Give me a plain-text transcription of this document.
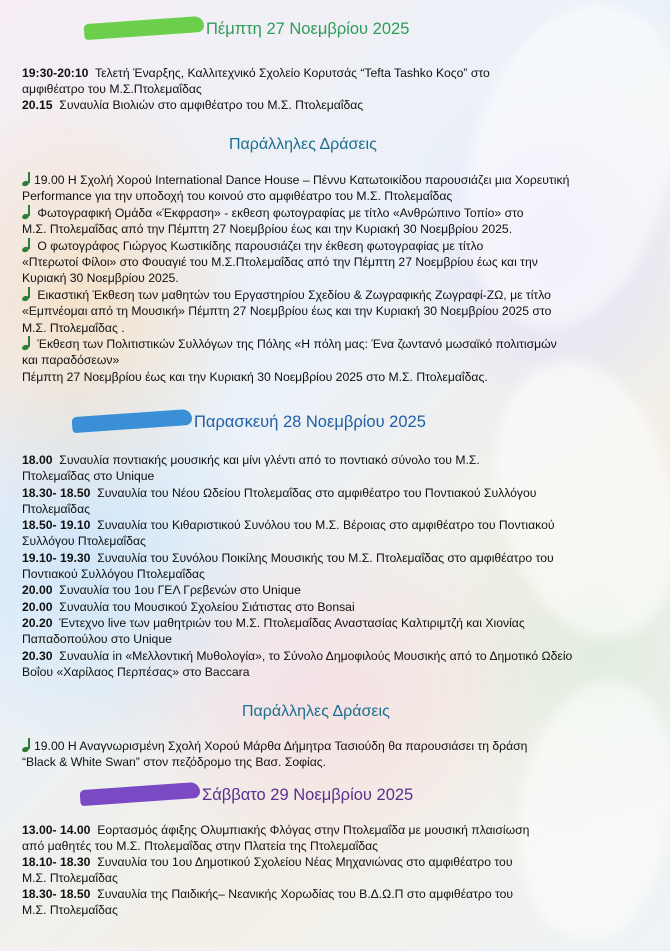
Πέμπτη 27 Νοεμβρίου 2025
19:30-20:10 Τελετή Έναρξης, Καλλιτεχνικό Σχολείο Κορυτσάς “Tefta Tashko Κοςο” στο
αμφιθέατρο του Μ.Σ.Πτολεμαΐδας
20.15 Συναυλία Βιολιών στο αμφιθέατρο του Μ.Σ. Πτολεμαΐδας
Παράλληλες Δράσεις
19.00 Η Σχολή Χορού International Dance House – Πέννυ Κατωτοικίδου παρουσιάζει μια Χορευτική
Performance για την υποδοχή του κοινού στο αμφιθέατρο του Μ.Σ. Πτολεμαΐδας
Φωτογραφική Ομάδα «Έκφραση» - εκθεση φωτογραφίας με τίτλο «Ανθρώπινο Τοπίο» στο
Μ.Σ. Πτολεμαΐδας από την Πέμπτη 27 Νοεμβρίου έως και την Κυριακή 30 Νοεμβρίου 2025.
Ο φωτογράφος Γιώργος Κωστικίδης παρουσιάζει την έκθεση φωτογραφίας με τίτλο
«Πτερωτοί Φίλοι» στο Φουαγιέ του Μ.Σ.Πτολεμαΐδας από την Πέμπτη 27 Νοεμβρίου έως και την
Κυριακή 30 Νοεμβρίου 2025.
Εικαστική Έκθεση των μαθητών του Εργαστηρίου Σχεδίου & Ζωγραφικής Ζωγραφί-ΖΩ, με τίτλο
«Εμπνέομαι από τη Μουσική» Πέμπτη 27 Νοεμβρίου έως και την Κυριακή 30 Νοεμβρίου 2025 στο
Μ.Σ. Πτολεμαΐδας .
Έκθεση των Πολιτιστικών Συλλόγων της Πόλης «Η πόλη μας: Ένα ζωντανό μωσαϊκό πολιτισμών
και παραδόσεων»
Πέμπτη 27 Νοεμβρίου έως και την Κυριακή 30 Νοεμβρίου 2025 στο Μ.Σ. Πτολεμαΐδας.
Παρασκευή 28 Νοεμβρίου 2025
18.00 Συναυλία ποντιακής μουσικής και μίνι γλέντι από το ποντιακό σύνολο του Μ.Σ.
Πτολεμαΐδας στο Unique
18.30- 18.50 Συναυλία του Νέου Ωδείου Πτολεμαΐδας στο αμφιθέατρο του Ποντιακού Συλλόγου
Πτολεμαΐδας
18.50- 19.10 Συναυλία του Κιθαριστικού Συνόλου του Μ.Σ. Βέροιας στο αμφιθέατρο του Ποντιακού
Συλλόγου Πτολεμαΐδας
19.10- 19.30 Συναυλία του Συνόλου Ποικίλης Μουσικής του Μ.Σ. Πτολεμαΐδας στο αμφιθέατρο του
Ποντιακού Συλλόγου Πτολεμαΐδας
20.00 Συναυλία του 1ου ΓΕΛ Γρεβενών στο Unique
20.00 Συναυλία του Μουσικού Σχολείου Σιάτιστας στο Bonsai
20.20  Έντεχνο live των μαθητριών του Μ.Σ. Πτολεμαΐδας Αναστασίας Καλτιριμτζή και Χιονίας
Παπαδοπούλου στο Unique
20.30 Συναυλία in «Μελλοντική Μυθολογία», το Σύνολο Δημοφιλούς Μουσικής από το Δημοτικό Ωδείο
Βοΐου «Χαρίλαος Περπέσας» στο Baccara
Παράλληλες Δράσεις
19.00 Η Αναγνωρισμένη Σχολή Χορού Μάρθα Δήμητρα Τασιούδη θα παρουσιάσει τη δράση
“Black & White Swan” στον πεζόδρομο της Βασ. Σοφίας.
Σάββατο 29 Νοεμβρίου 2025
13.00- 14.00 Εορτασμός άφιξης Ολυμπιακής Φλόγας στην Πτολεμαΐδα με μουσική πλαισίωση
από μαθητές του Μ.Σ. Πτολεμαΐδας στην Πλατεία της Πτολεμαΐδας
18.10- 18.30 Συναυλία του 1ου Δημοτικού Σχολείου Νέας Μηχανιώνας στο αμφιθέατρο του
Μ.Σ. Πτολεμαΐδας
18.30- 18.50 Συναυλία της Παιδικής– Νεανικής Χορωδίας του Β.Δ.Ω.Π στο αμφιθέατρο του
Μ.Σ. Πτολεμαΐδας
